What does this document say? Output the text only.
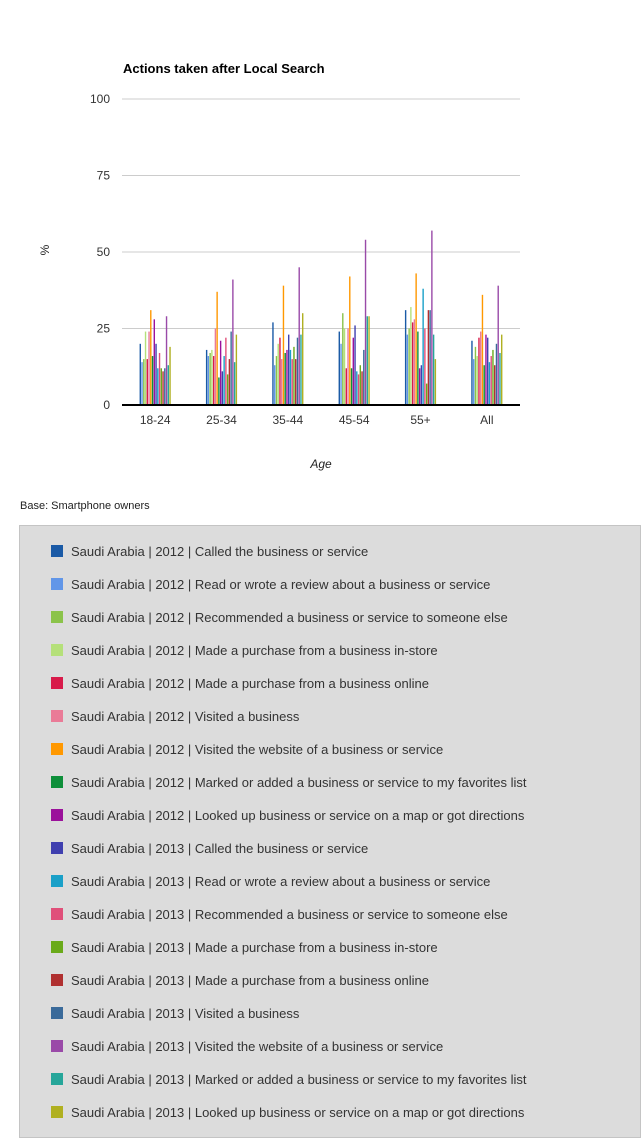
Actions taken after Local Search
0
25
50
75
100
18-24	25-34	35-44	45-54	55+	All
%
Age
Base: Smartphone owners
Saudi Arabia | 2012 | Called the business or service
Saudi Arabia | 2012 | Read or wrote a review about a business or service
Saudi Arabia | 2012 | Recommended a business or service to someone else
Saudi Arabia | 2012 | Made a purchase from a business in-store
Saudi Arabia | 2012 | Made a purchase from a business online
Saudi Arabia | 2012 | Visited a business
Saudi Arabia | 2012 | Visited the website of a business or service
Saudi Arabia | 2012 | Marked or added a business or service to my favorites list
Saudi Arabia | 2012 | Looked up business or service on a map or got directions
Saudi Arabia | 2013 | Called the business or service
Saudi Arabia | 2013 | Read or wrote a review about a business or service
Saudi Arabia | 2013 | Recommended a business or service to someone else
Saudi Arabia | 2013 | Made a purchase from a business in-store
Saudi Arabia | 2013 | Made a purchase from a business online
Saudi Arabia | 2013 | Visited a business
Saudi Arabia | 2013 | Visited the website of a business or service
Saudi Arabia | 2013 | Marked or added a business or service to my favorites list
Saudi Arabia | 2013 | Looked up business or service on a map or got directions
